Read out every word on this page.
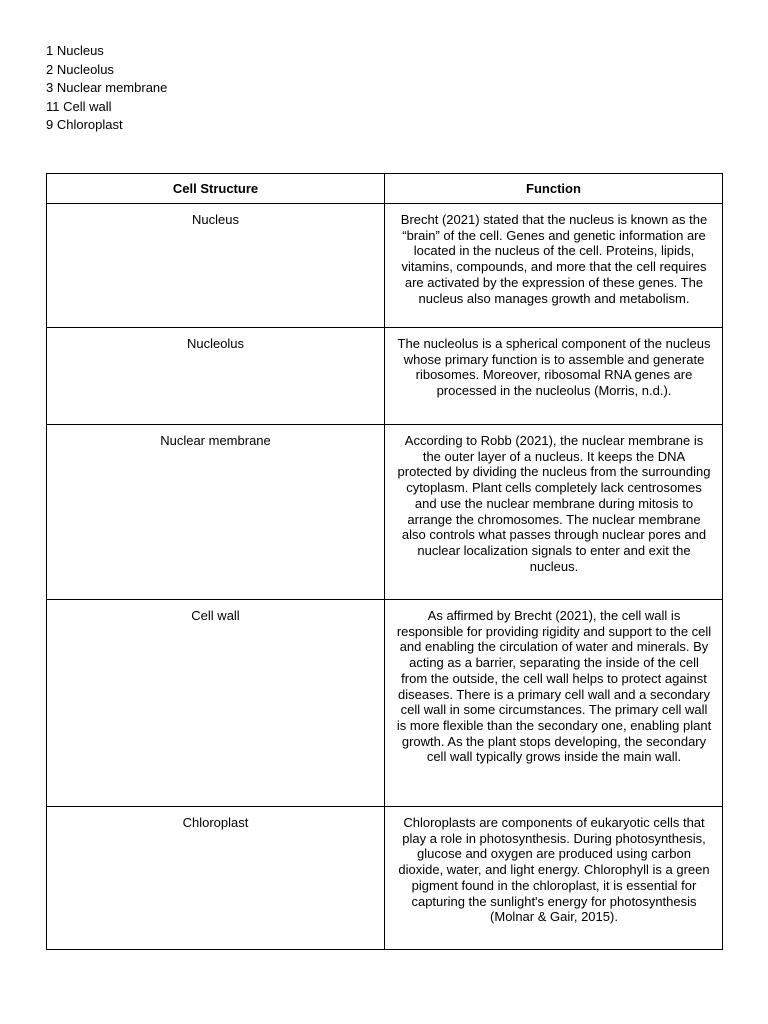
1 Nucleus
2 Nucleolus
3 Nuclear membrane
11 Cell wall
9 Chloroplast
Cell Structure	Function
Nucleus	Brecht (2021) stated that the nucleus is known as the “brain” of the cell. Genes and genetic information are located in the nucleus of the cell. Proteins, lipids, vitamins, compounds, and more that the cell requires are activated by the expression of these genes. The nucleus also manages growth and metabolism.

Nucleolus	The nucleolus is a spherical component of the nucleus whose primary function is to assemble and generate ribosomes. Moreover, ribosomal RNA genes are processed in the nucleolus (Morris, n.d.).

Nuclear membrane	According to Robb (2021), the nuclear membrane is the outer layer of a nucleus. It keeps the DNA protected by dividing the nucleus from the surrounding cytoplasm. Plant cells completely lack centrosomes and use the nuclear membrane during mitosis to arrange the chromosomes. The nuclear membrane also controls what passes through nuclear pores and nuclear localization signals to enter and exit the nucleus.

Cell wall	As affirmed by Brecht (2021), the cell wall is responsible for providing rigidity and support to the cell and enabling the circulation of water and minerals. By acting as a barrier, separating the inside of the cell from the outside, the cell wall helps to protect against diseases. There is a primary cell wall and a secondary cell wall in some circumstances. The primary cell wall is more flexible than the secondary one, enabling plant growth. As the plant stops developing, the secondary cell wall typically grows inside the main wall.

Chloroplast	Chloroplasts are components of eukaryotic cells that play a role in photosynthesis. During photosynthesis, glucose and oxygen are produced using carbon dioxide, water, and light energy. Chlorophyll is a green pigment found in the chloroplast, it is essential for capturing the sunlight's energy for photosynthesis (Molnar & Gair, 2015).
